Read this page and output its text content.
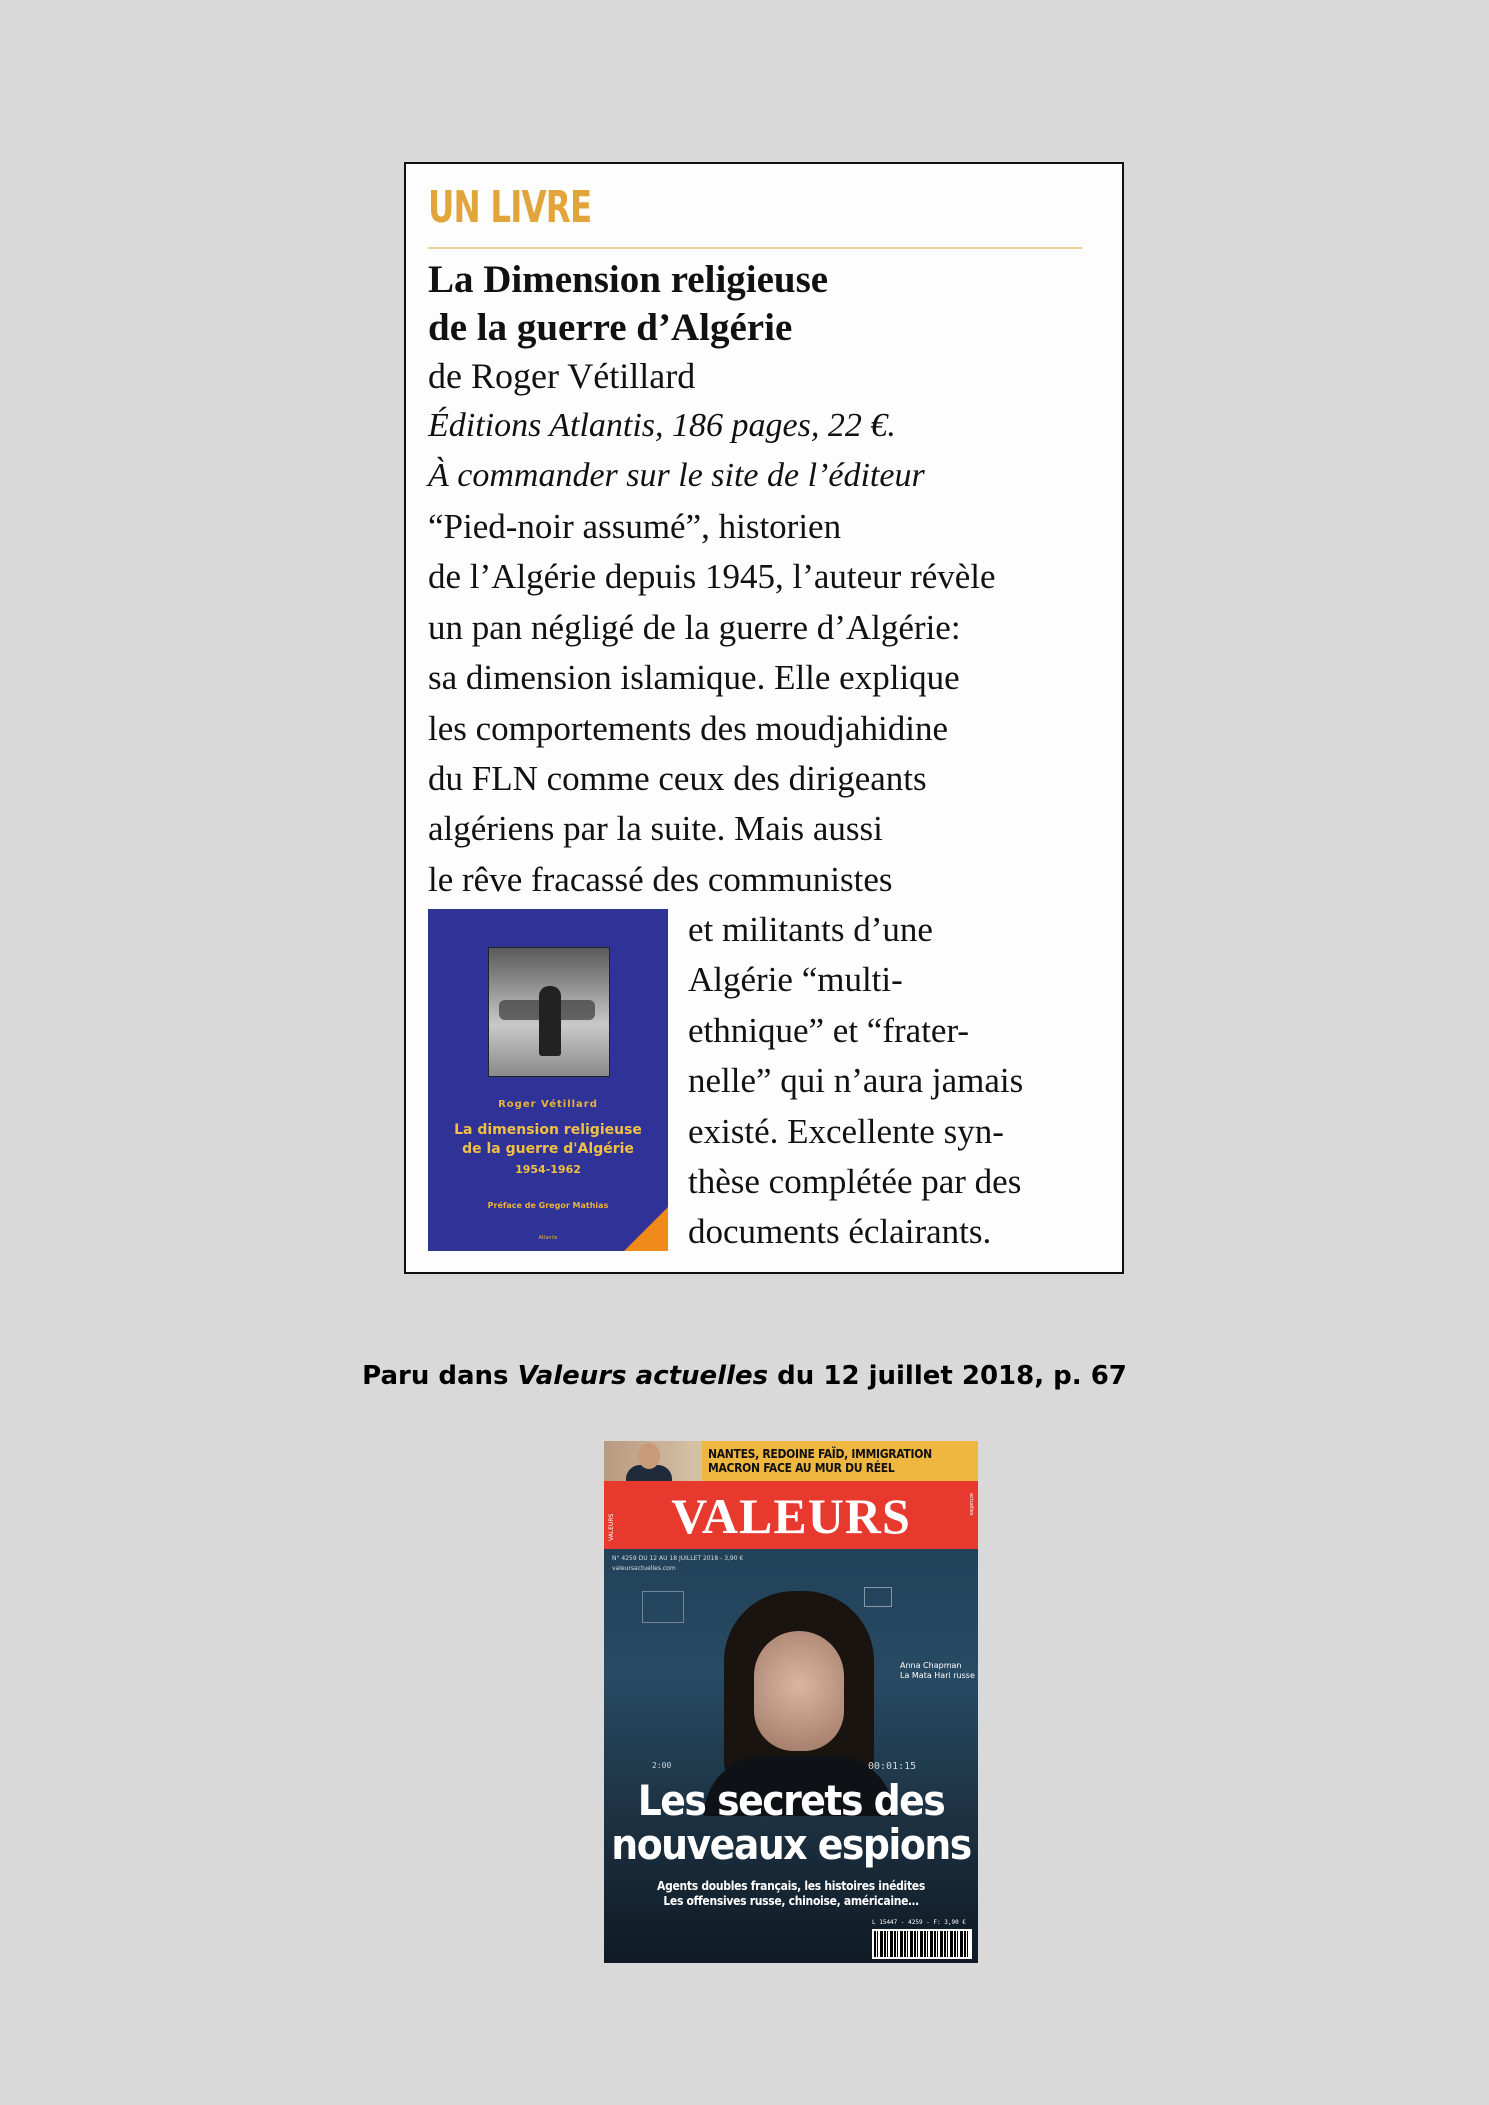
UN LIVRE
La Dimension religieuse
de la guerre d’Algérie
de Roger Vétillard
Éditions Atlantis, 186 pages, 22 €.
À commander sur le site de l’éditeur
“Pied-noir assumé”, historien
de l’Algérie depuis 1945, l’auteur révèle
un pan négligé de la guerre d’Algérie:
sa dimension islamique. Elle explique
les comportements des moudjahidine
du FLN comme ceux des dirigeants
algériens par la suite. Mais aussi
le rêve fracassé des communistes
Roger Vétillard
La dimension religieuse
de la guerre d'Algérie
1954-1962
Préface de Gregor Mathias
Atlantis
et militants d’une
Algérie “multi-
ethnique” et “frater-
nelle” qui n’aura jamais
existé. Excellente syn-
thèse complétée par des
documents éclairants.
Paru dans Valeurs actuelles du 12 juillet 2018, p. 67
NANTES, REDOINE FAÏD, IMMIGRATION
MACRON FACE AU MUR DU RÉEL
VALEURS	VALEURS	actuelles
N° 4259 DU 12 AU 18 JUILLET 2018 - 3,90 €
valeursactuelles.com
Anna Chapman
La Mata Hari russe
2:00	00:01:15
Les secrets des
nouveaux espions
Agents doubles français, les histoires inédites
Les offensives russe, chinoise, américaine…
L 15447 - 4259 - F: 3,90 €
